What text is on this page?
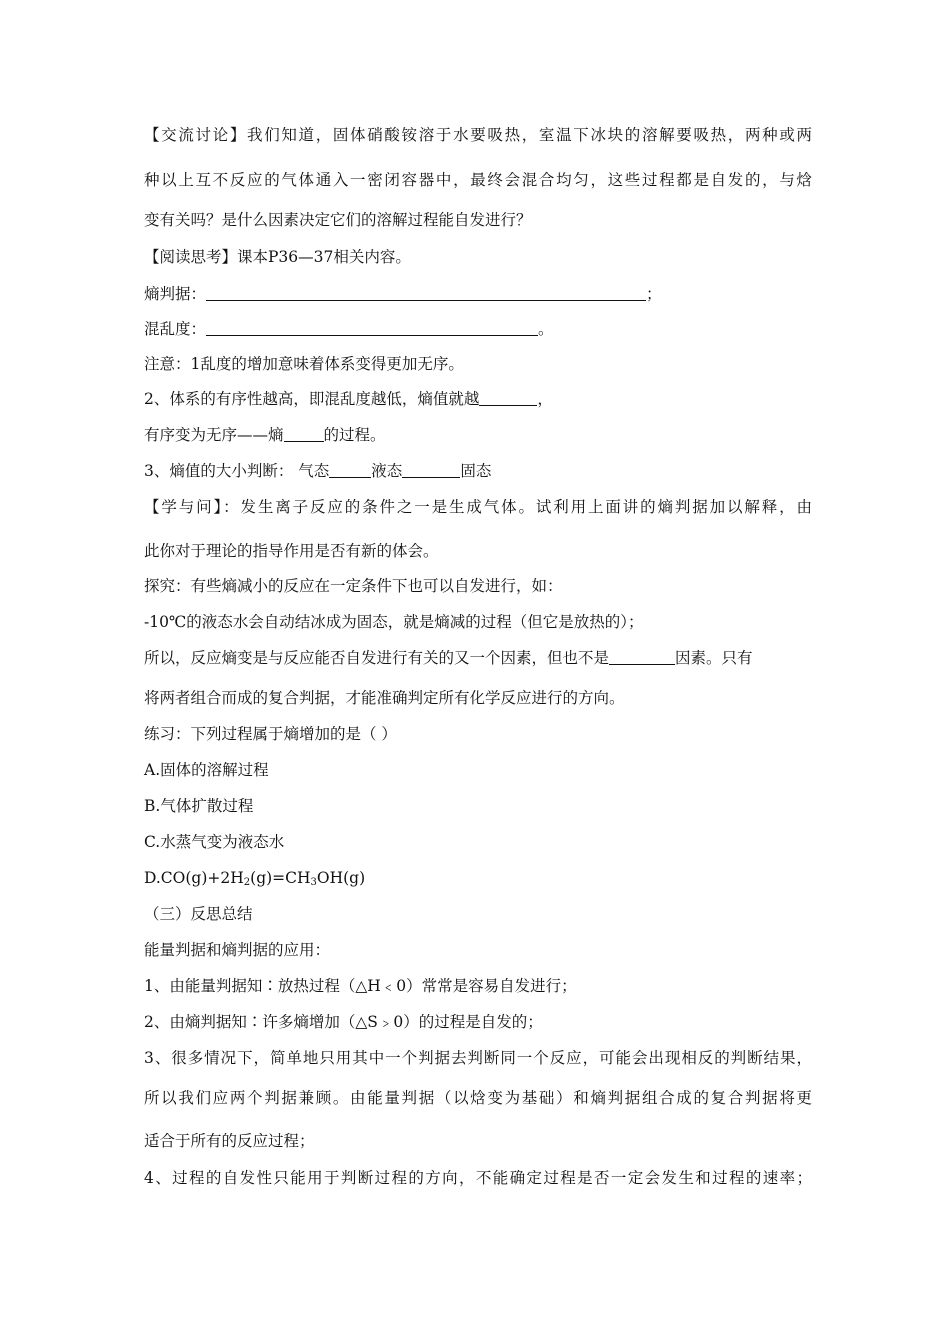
【交流讨论】我们知道，固体硝酸铵溶于水要吸热，室温下冰块的溶解要吸热，两种或两
种以上互不反应的气体通入一密闭容器中，最终会混合均匀，这些过程都是自发的，与焓
变有关吗？是什么因素决定它们的溶解过程能自发进行？
【阅读思考】课本P36—37相关内容。
熵判据：	；
混乱度：	。
注意：1乱度的增加意味着体系变得更加无序。
2、体系的有序性越高，即混乱度越低，熵值就越	，
有序变为无序——熵	的过程。
3、熵值的大小判断： 气态	液态	固态
【学与问】：发生离子反应的条件之一是生成气体。试利用上面讲的熵判据加以解释，由
此你对于理论的指导作用是否有新的体会。
探究：有些熵减小的反应在一定条件下也可以自发进行，如：
-10℃的液态水会自动结冰成为固态，就是熵减的过程（但它是放热的）；
所以，反应熵变是与反应能否自发进行有关的又一个因素，但也不是	因素。只有
将两者组合而成的复合判据，才能准确判定所有化学反应进行的方向。
练习：下列过程属于熵增加的是（ ）
A.固体的溶解过程
B.气体扩散过程
C.水蒸气变为液态水
$D.CO(g)+2H_2(g)=CH_3OH(g)$
（三）反思总结
能量判据和熵判据的应用：
1、由能量判据知∶放热过程（△H﹤0）常常是容易自发进行；
2、由熵判据知∶许多熵增加（△S﹥0）的过程是自发的；
3、很多情况下，简单地只用其中一个判据去判断同一个反应，可能会出现相反的判断结果，
所以我们应两个判据兼顾。由能量判据（以焓变为基础）和熵判据组合成的复合判据将更
适合于所有的反应过程；
4、过程的自发性只能用于判断过程的方向，不能确定过程是否一定会发生和过程的速率；
